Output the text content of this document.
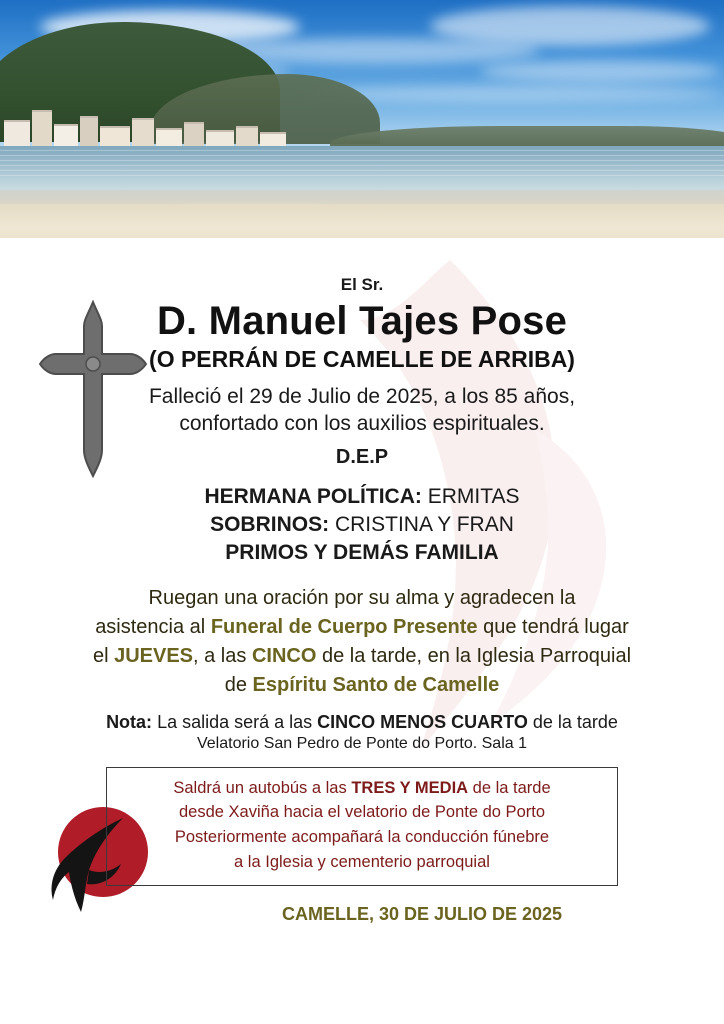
El Sr.

D. Manuel Tajes Pose

(O PERRÁN DE CAMELLE DE ARRIBA)

Falleció el 29 de Julio de 2025, a los 85 años,
confortado con los auxilios espirituales.

D.E.P

HERMANA POLÍTICA: ERMITAS
SOBRINOS: CRISTINA Y FRAN
PRIMOS Y DEMÁS FAMILIA
Ruegan una oración por su alma y agradecen la
asistencia al Funeral de Cuerpo Presente que tendrá lugar
el JUEVES, a las CINCO de la tarde, en la Iglesia Parroquial
de Espíritu Santo de Camelle

Nota: La salida será a las CINCO MENOS CUARTO de la tarde

Velatorio San Pedro de Ponte do Porto. Sala 1

Saldrá un autobús a las TRES Y MEDIA de la tarde

desde Xaviña hacia el velatorio de Ponte do Porto

Posteriormente acompañará la conducción fúnebre

a la Iglesia y cementerio parroquial

CAMELLE, 30 DE JULIO DE 2025
